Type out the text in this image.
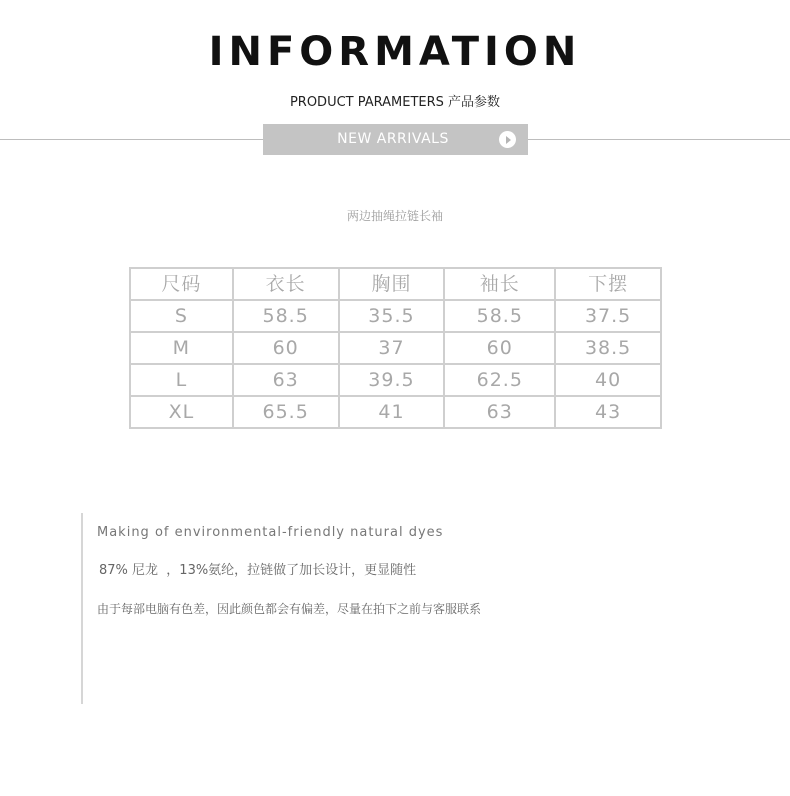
INFORMATION
PRODUCT PARAMETERS 产品参数
NEW ARRIVALS
两边抽绳拉链长袖
尺码	衣长	胸围	袖长	下摆
S	58.5	35.5	58.5	37.5
M	60	37	60	38.5
L	63	39.5	62.5	40
XL	65.5	41	63	43
Making of environmental-friendly natural dyes
87% 尼龙  ，13%氨纶，拉链做了加长设计，更显随性
由于每部电脑有色差，因此颜色都会有偏差，尽量在拍下之前与客服联系
